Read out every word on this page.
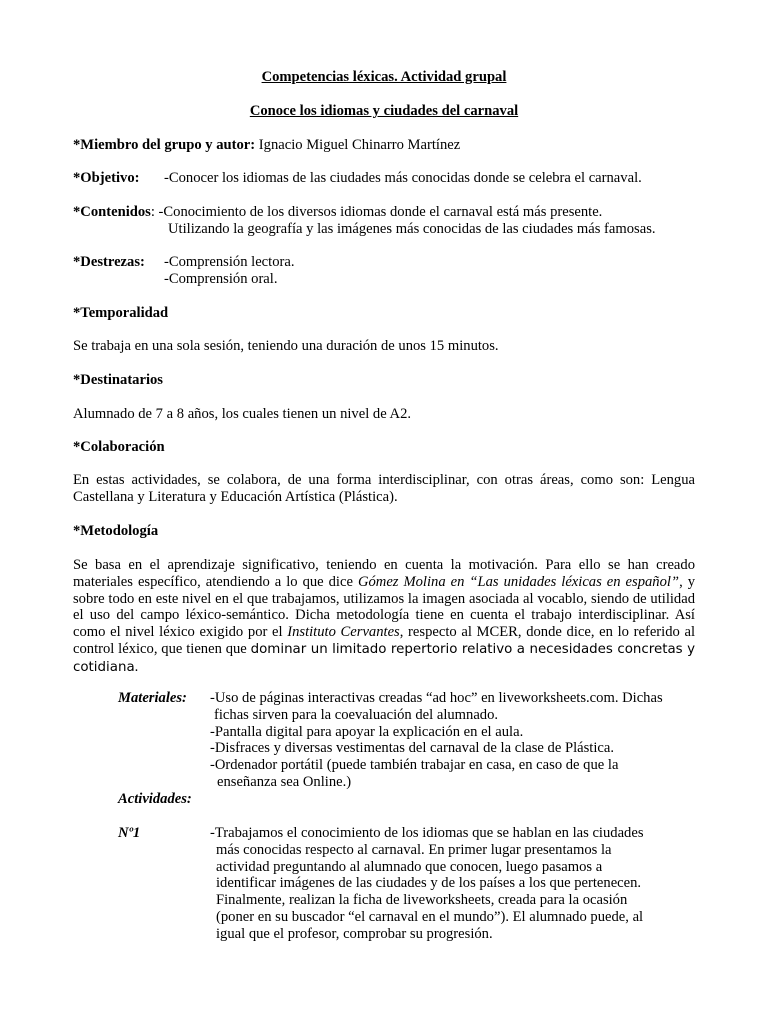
Competencias léxicas. Actividad grupal
Conoce los idiomas y ciudades del carnaval
*Miembro del grupo y autor: Ignacio Miguel Chinarro Martínez
*Objetivo: -Conocer los idiomas de las ciudades más conocidas donde se celebra el carnaval.
*Contenidos: -Conocimiento de los diversos idiomas donde el carnaval está más presente.
Utilizando la geografía y las imágenes más conocidas de las ciudades más famosas.
*Destrezas: -Comprensión lectora.
-Comprensión oral.
*Temporalidad
Se trabaja en una sola sesión, teniendo una duración de unos 15 minutos.
*Destinatarios
Alumnado de 7 a 8 años, los cuales tienen un nivel de A2.
*Colaboración
En estas actividades, se colabora, de una forma interdisciplinar, con otras áreas, como son: Lengua Castellana y Literatura y Educación Artística (Plástica).
*Metodología
Se basa en el aprendizaje significativo, teniendo en cuenta la motivación. Para ello se han creado materiales específico, atendiendo a lo que dice Gómez Molina en “Las unidades léxicas en español”, y sobre todo en este nivel en el que trabajamos, utilizamos la imagen asociada al vocablo, siendo de utilidad el uso del campo léxico-semántico. Dicha metodología tiene en cuenta el trabajo interdisciplinar. Así como el nivel léxico exigido por el Instituto Cervantes, respecto al MCER, donde dice, en lo referido al control léxico, que tienen que dominar un limitado repertorio relativo a necesidades concretas y cotidiana.
Materiales: -Uso de páginas interactivas creadas “ad hoc” en liveworksheets.com. Dichas
fichas sirven para la coevaluación del alumnado.
-Pantalla digital para apoyar la explicación en el aula.
-Disfraces y diversas vestimentas del carnaval de la clase de Plástica.
-Ordenador portátil (puede también trabajar en casa, en caso de que la
enseñanza sea Online.)
Actividades:
Nº1	-Trabajamos el conocimiento de los idiomas que se hablan en las ciudades
más conocidas respecto al carnaval. En primer lugar presentamos la
actividad preguntando al alumnado que conocen, luego pasamos a
identificar imágenes de las ciudades y de los países a los que pertenecen.
Finalmente, realizan la ficha de liveworksheets, creada para la ocasión
(poner en su buscador “el carnaval en el mundo”). El alumnado puede, al
igual que el profesor, comprobar su progresión.
